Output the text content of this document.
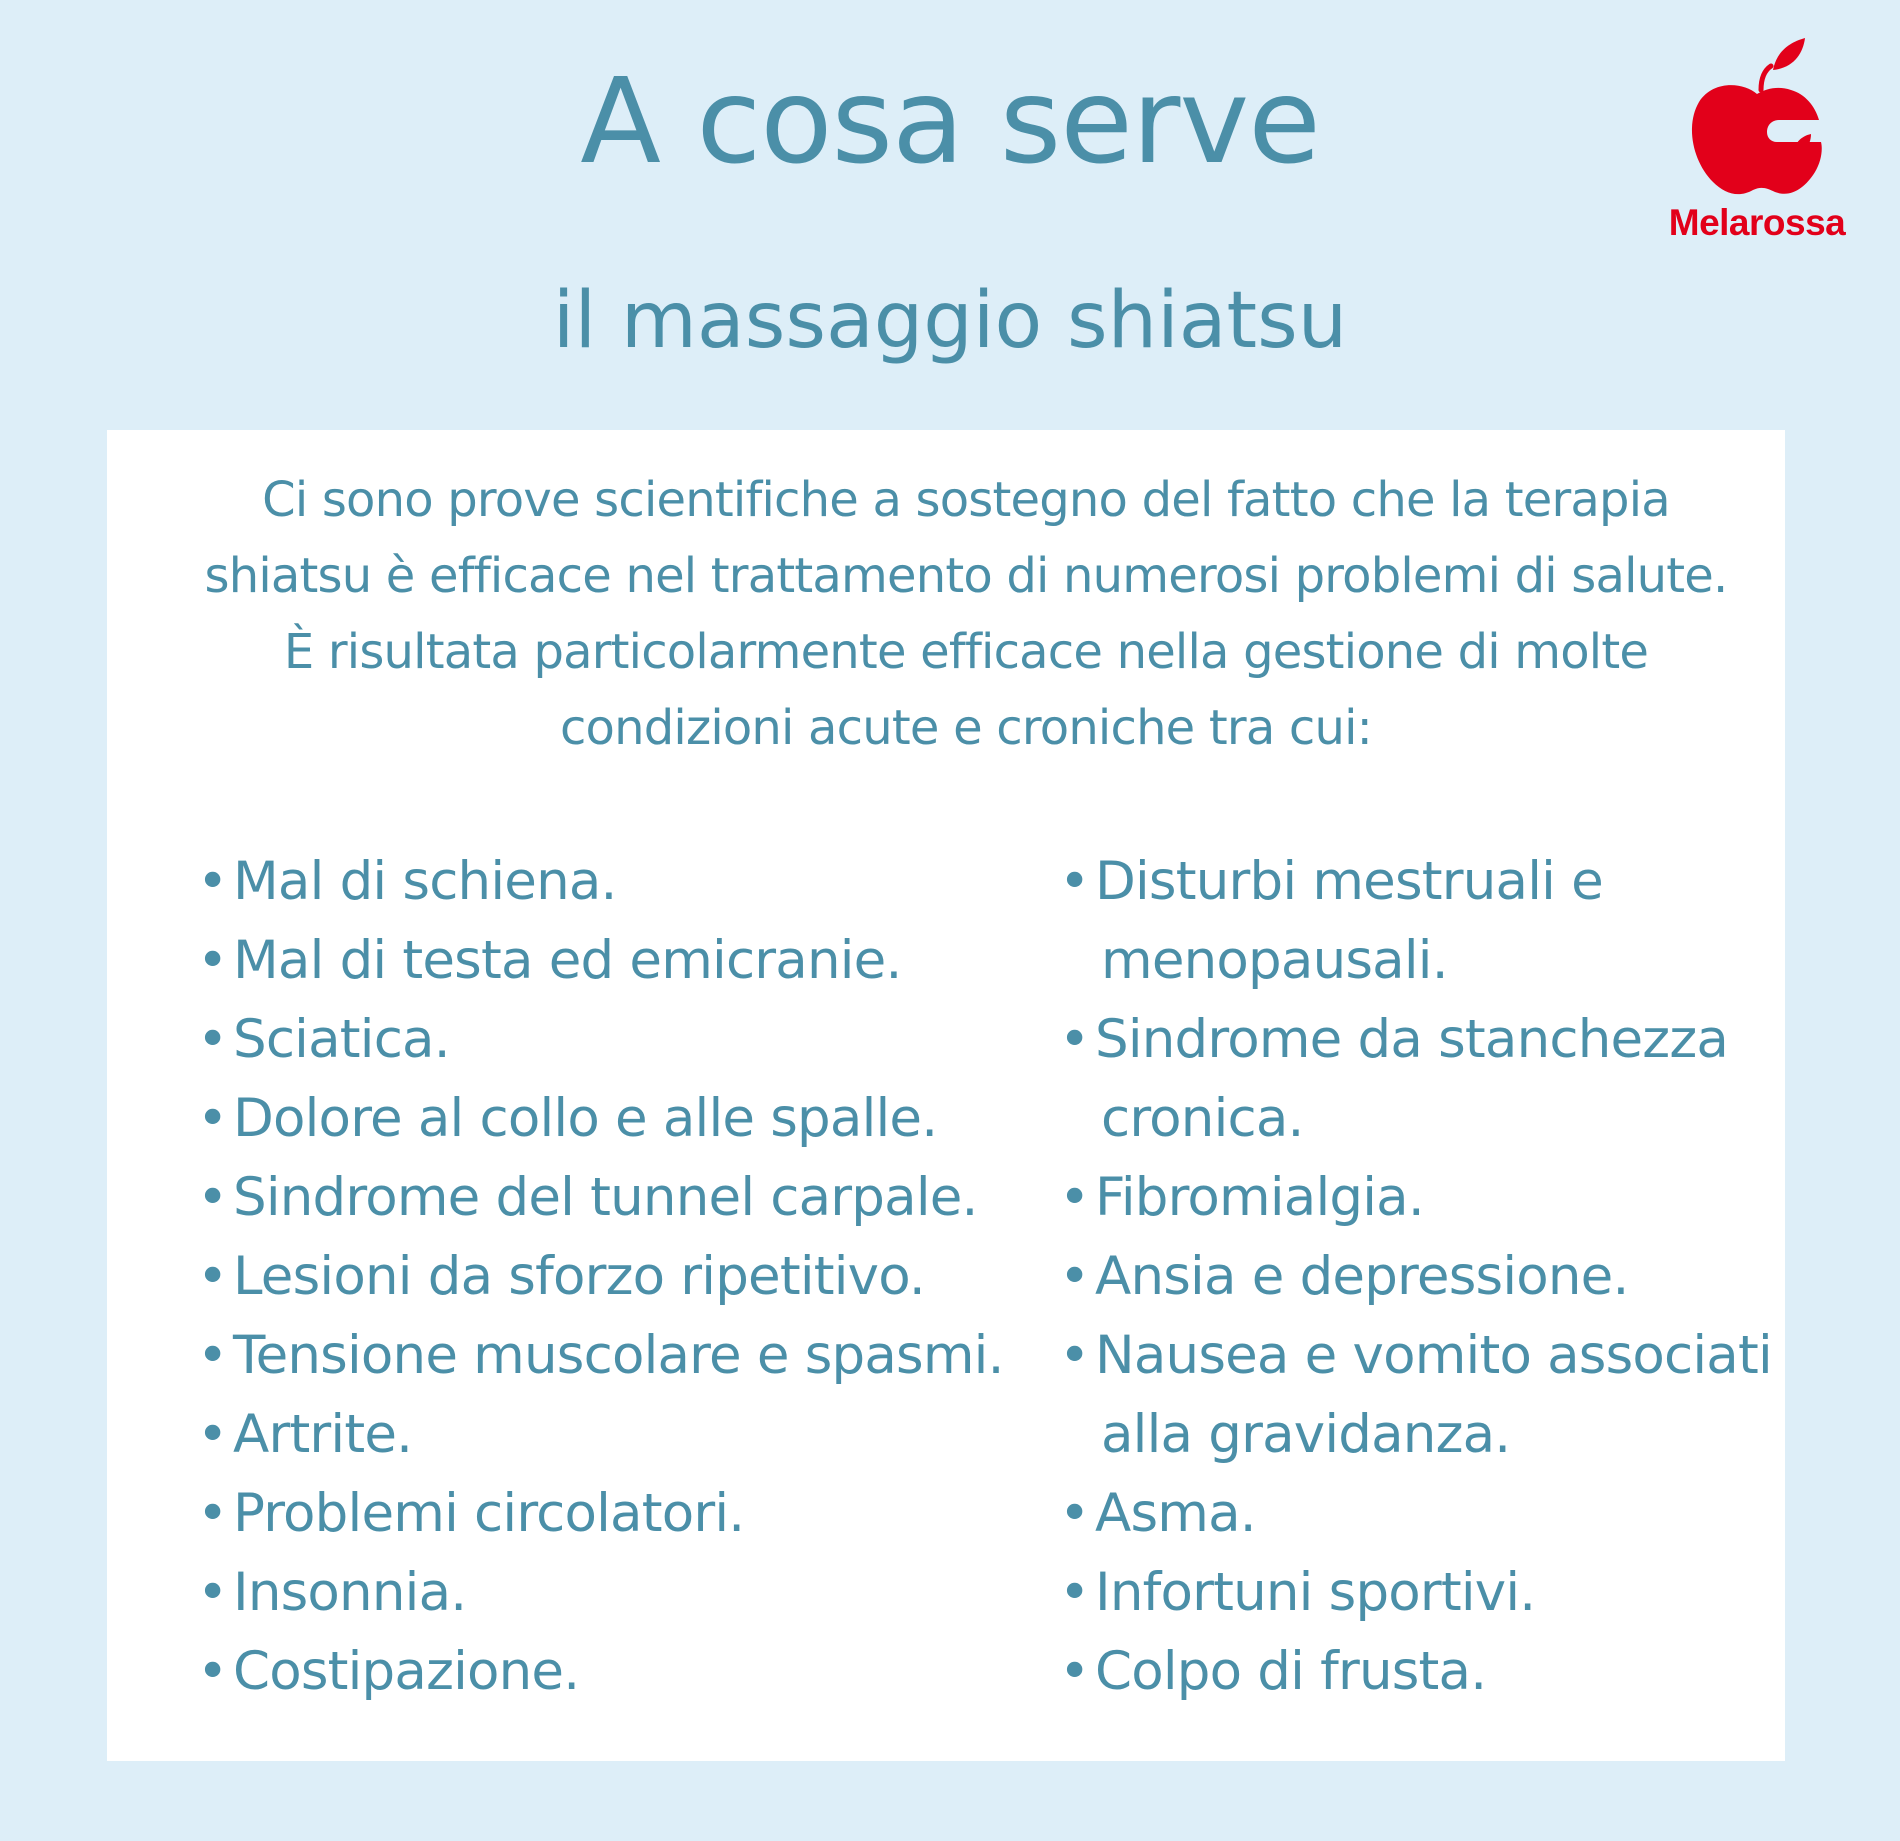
A cosa serve
il massaggio shiatsu
Melarossa

Ci sono prove scientifiche a sostegno del fatto che la terapia
shiatsu è efficace nel trattamento di numerosi problemi di salute.
È risultata particolarmente efficace nella gestione di molte
condizioni acute e croniche tra cui:

• Mal di schiena.
• Mal di testa ed emicranie.
• Sciatica.
• Dolore al collo e alle spalle.
• Sindrome del tunnel carpale.
• Lesioni da sforzo ripetitivo.
• Tensione muscolare e spasmi.
• Artrite.
• Problemi circolatori.
• Insonnia.
• Costipazione.
• Disturbi mestruali e
menopausali.
• Sindrome da stanchezza
cronica.
• Fibromialgia.
• Ansia e depressione.
• Nausea e vomito associati
alla gravidanza.
• Asma.
• Infortuni sportivi.
• Colpo di frusta.
